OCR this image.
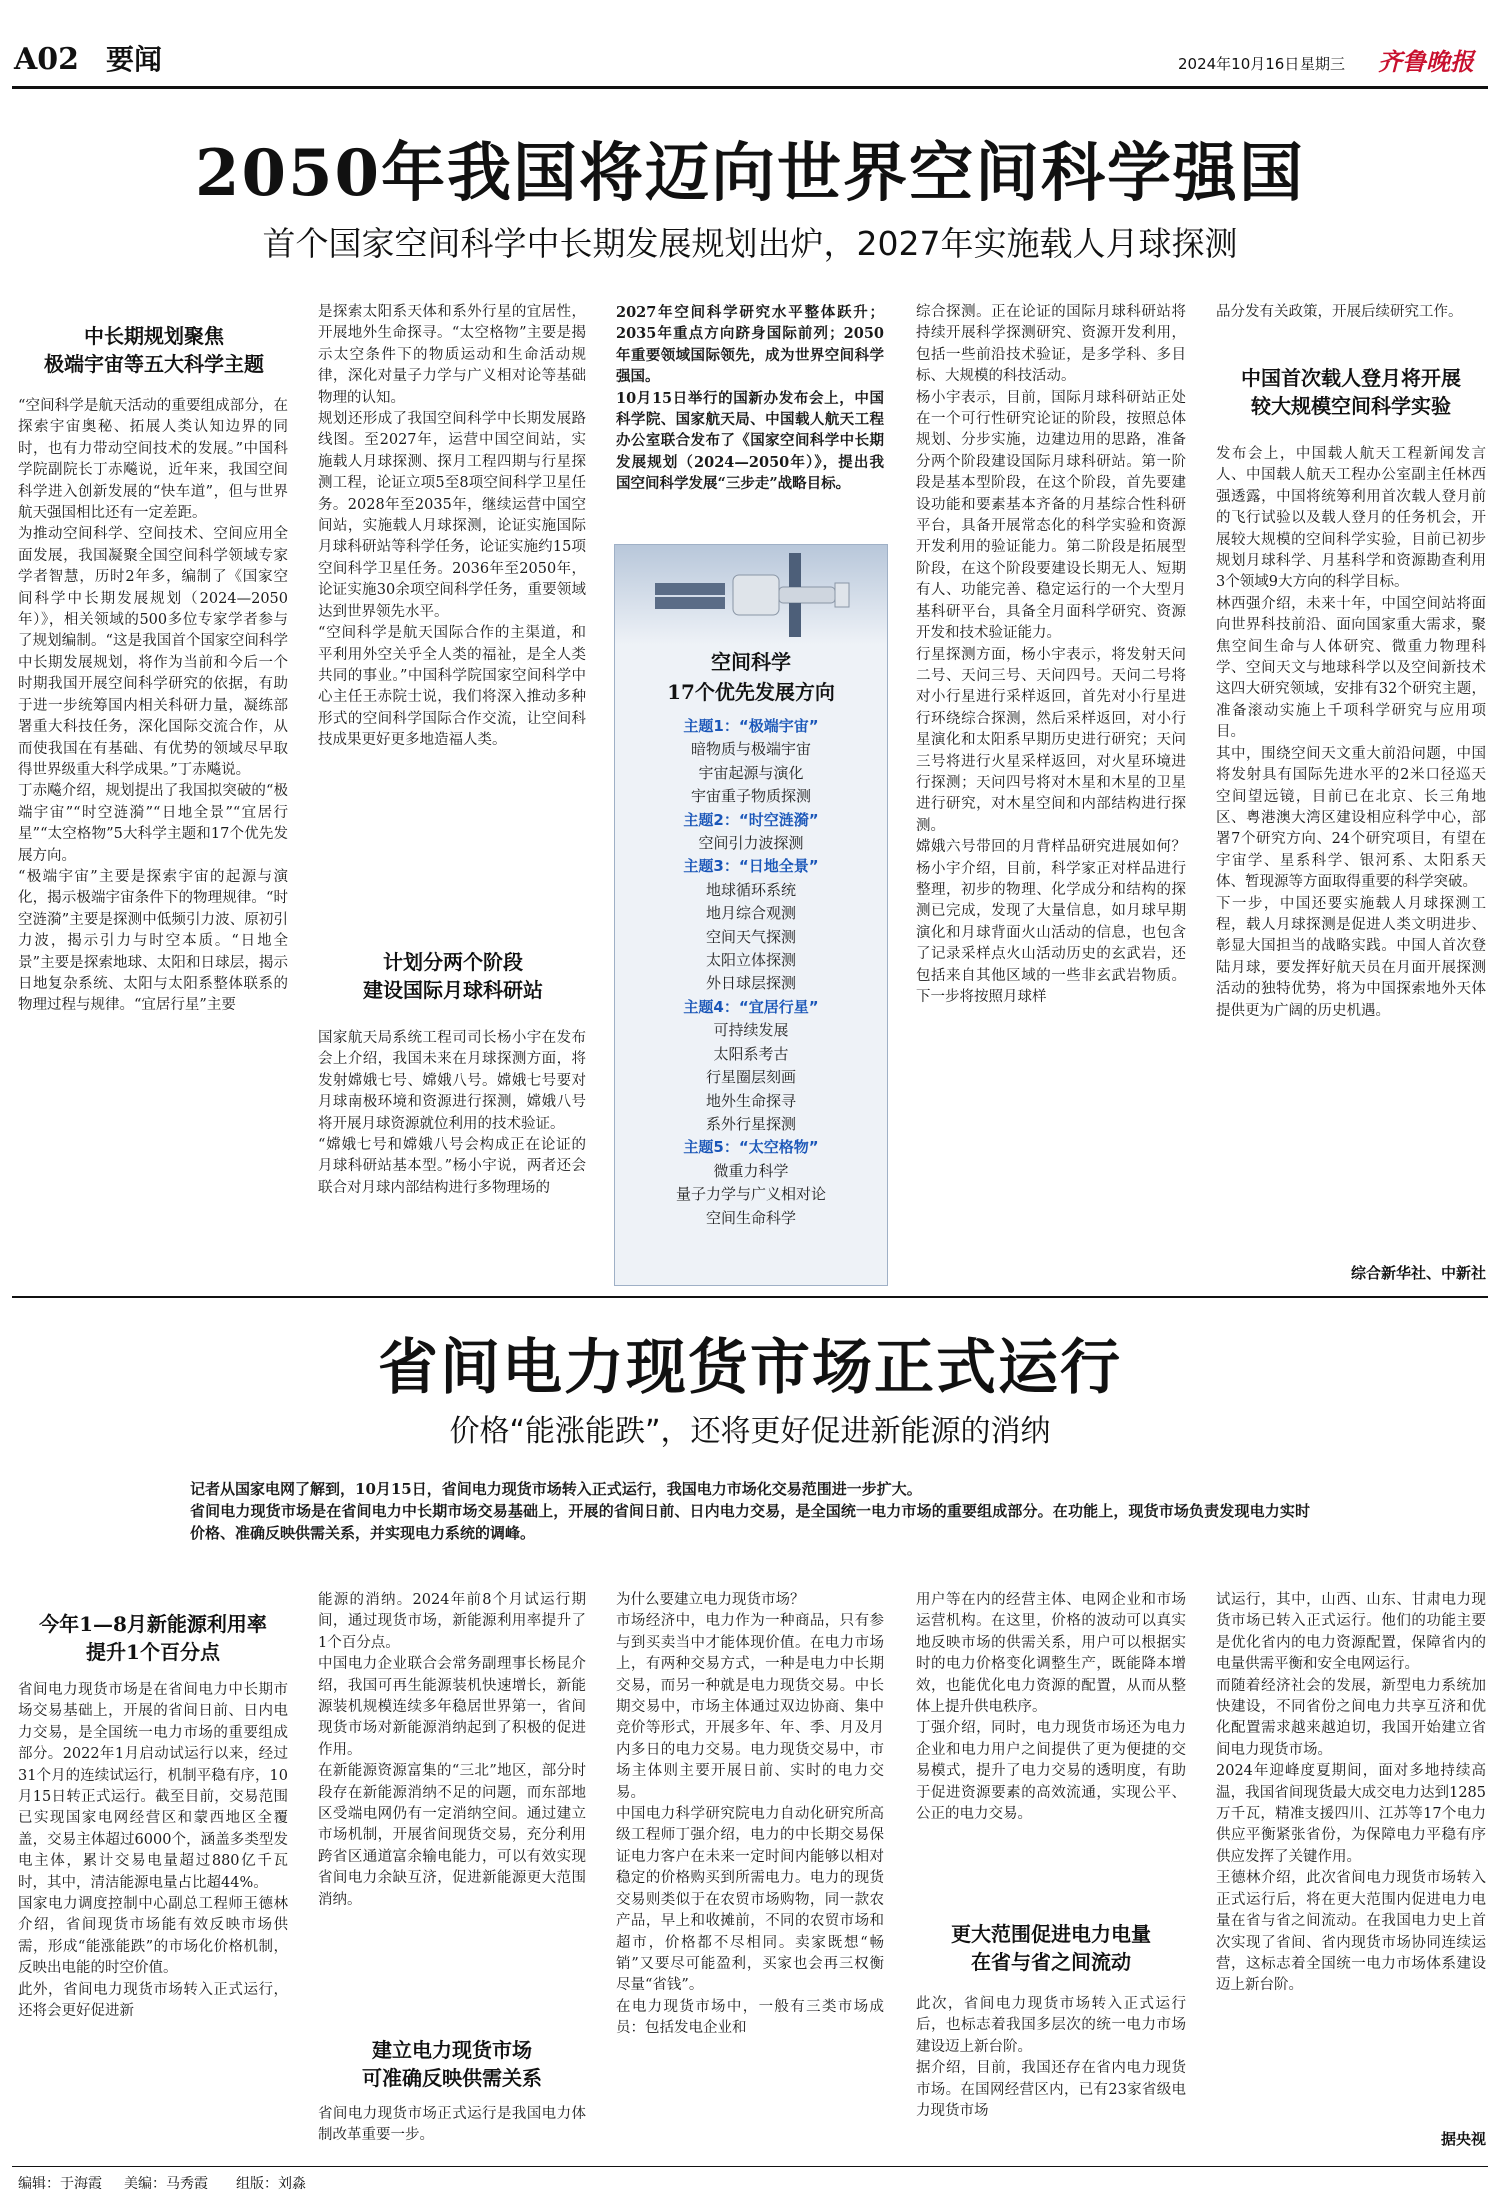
A02 要闻	2024年10月16日 星期三 齐鲁晚报
2050年我国将迈向世界空间科学强国
首个国家空间科学中长期发展规划出炉，2027年实施载人月球探测
中长期规划聚焦
极端宇宙等五大科学主题
“空间科学是航天活动的重要组成部分，在探索宇宙奥秘、拓展人类认知边界的同时，也有力带动空间技术的发展。”中国科学院副院长丁赤飚说，近年来，我国空间科学进入创新发展的“快车道”，但与世界航天强国相比还有一定差距。
为推动空间科学、空间技术、空间应用全面发展，我国凝聚全国空间科学领域专家学者智慧，历时2年多，编制了《国家空间科学中长期发展规划（2024—2050年）》，相关领域的500多位专家学者参与了规划编制。“这是我国首个国家空间科学中长期发展规划，将作为当前和今后一个时期我国开展空间科学研究的依据，有助于进一步统筹国内相关科研力量，凝练部署重大科技任务，深化国际交流合作，从而使我国在有基础、有优势的领域尽早取得世界级重大科学成果。”丁赤飚说。
丁赤飚介绍，规划提出了我国拟突破的“极端宇宙”“时空涟漪”“日地全景”“宜居行星”“太空格物”5大科学主题和17个优先发展方向。
“极端宇宙”主要是探索宇宙的起源与演化，揭示极端宇宙条件下的物理规律。“时空涟漪”主要是探测中低频引力波、原初引力波，揭示引力与时空本质。“日地全景”主要是探索地球、太阳和日球层，揭示日地复杂系统、太阳与太阳系整体联系的物理过程与规律。“宜居行星”主要
是探索太阳系天体和系外行星的宜居性，开展地外生命探寻。“太空格物”主要是揭示太空条件下的物质运动和生命活动规律，深化对量子力学与广义相对论等基础物理的认知。
规划还形成了我国空间科学中长期发展路线图。至2027年，运营中国空间站，实施载人月球探测、探月工程四期与行星探测工程，论证立项5至8项空间科学卫星任务。2028年至2035年，继续运营中国空间站，实施载人月球探测，论证实施国际月球科研站等科学任务，论证实施约15项空间科学卫星任务。2036年至2050年，论证实施30余项空间科学任务，重要领域达到世界领先水平。
“空间科学是航天国际合作的主渠道，和平利用外空关乎全人类的福祉，是全人类共同的事业。”中国科学院国家空间科学中心主任王赤院士说，我们将深入推动多种形式的空间科学国际合作交流，让空间科技成果更好更多地造福人类。
计划分两个阶段
建设国际月球科研站
国家航天局系统工程司司长杨小宇在发布会上介绍，我国未来在月球探测方面，将发射嫦娥七号、嫦娥八号。嫦娥七号要对月球南极环境和资源进行探测，嫦娥八号将开展月球资源就位利用的技术验证。
“嫦娥七号和嫦娥八号会构成正在论证的月球科研站基本型。”杨小宇说，两者还会联合对月球内部结构进行多物理场的
2027年空间科学研究水平整体跃升；2035年重点方向跻身国际前列；2050年重要领域国际领先，成为世界空间科学强国。
10月15日举行的国新办发布会上，中国科学院、国家航天局、中国载人航天工程办公室联合发布了《国家空间科学中长期发展规划（2024—2050年）》，提出我国空间科学发展“三步走”战略目标。
空间科学
17个优先发展方向
主题1：“极端宇宙”
暗物质与极端宇宙
宇宙起源与演化
宇宙重子物质探测
主题2：“时空涟漪”
空间引力波探测
主题3：“日地全景”
地球循环系统
地月综合观测
空间天气探测
太阳立体探测
外日球层探测
主题4：“宜居行星”
可持续发展
太阳系考古
行星圈层刻画
地外生命探寻
系外行星探测
主题5：“太空格物”
微重力科学
量子力学与广义相对论
空间生命科学
综合探测。正在论证的国际月球科研站将持续开展科学探测研究、资源开发利用，包括一些前沿技术验证，是多学科、多目标、大规模的科技活动。
杨小宇表示，目前，国际月球科研站正处在一个可行性研究论证的阶段，按照总体规划、分步实施，边建边用的思路，准备分两个阶段建设国际月球科研站。第一阶段是基本型阶段，在这个阶段，首先要建设功能和要素基本齐备的月基综合性科研平台，具备开展常态化的科学实验和资源开发利用的验证能力。第二阶段是拓展型阶段，在这个阶段要建设长期无人、短期有人、功能完善、稳定运行的一个大型月基科研平台，具备全月面科学研究、资源开发和技术验证能力。
行星探测方面，杨小宇表示，将发射天问二号、天问三号、天问四号。天问二号将对小行星进行采样返回，首先对小行星进行环绕综合探测，然后采样返回，对小行星演化和太阳系早期历史进行研究；天问三号将进行火星采样返回，对火星环境进行探测；天问四号将对木星和木星的卫星进行研究，对木星空间和内部结构进行探测。
嫦娥六号带回的月背样品研究进展如何？杨小宇介绍，目前，科学家正对样品进行整理，初步的物理、化学成分和结构的探测已完成，发现了大量信息，如月球早期演化和月球背面火山活动的信息，也包含了记录采样点火山活动历史的玄武岩，还包括来自其他区域的一些非玄武岩物质。下一步将按照月球样
品分发有关政策，开展后续研究工作。
中国首次载人登月将开展
较大规模空间科学实验
发布会上，中国载人航天工程新闻发言人、中国载人航天工程办公室副主任林西强透露，中国将统筹利用首次载人登月前的飞行试验以及载人登月的任务机会，开展较大规模的空间科学实验，目前已初步规划月球科学、月基科学和资源勘查利用3个领域9大方向的科学目标。
林西强介绍，未来十年，中国空间站将面向世界科技前沿、面向国家重大需求，聚焦空间生命与人体研究、微重力物理科学、空间天文与地球科学以及空间新技术这四大研究领域，安排有32个研究主题，准备滚动实施上千项科学研究与应用项目。
其中，围绕空间天文重大前沿问题，中国将发射具有国际先进水平的2米口径巡天空间望远镜，目前已在北京、长三角地区、粤港澳大湾区建设相应科学中心，部署7个研究方向、24个研究项目，有望在宇宙学、星系科学、银河系、太阳系天体、暂现源等方面取得重要的科学突破。
下一步，中国还要实施载人月球探测工程，载人月球探测是促进人类文明进步、彰显大国担当的战略实践。中国人首次登陆月球，要发挥好航天员在月面开展探测活动的独特优势，将为中国探索地外天体提供更为广阔的历史机遇。
综合新华社、中新社
省间电力现货市场正式运行
价格“能涨能跌”，还将更好促进新能源的消纳
记者从国家电网了解到，10月15日，省间电力现货市场转入正式运行，我国电力市场化交易范围进一步扩大。
省间电力现货市场是在省间电力中长期市场交易基础上，开展的省间日前、日内电力交易，是全国统一电力市场的重要组成部分。在功能上，现货市场负责发现电力实时价格、准确反映供需关系，并实现电力系统的调峰。
今年1—8月新能源利用率
提升1个百分点
省间电力现货市场是在省间电力中长期市场交易基础上，开展的省间日前、日内电力交易，是全国统一电力市场的重要组成部分。2022年1月启动试运行以来，经过31个月的连续试运行，机制平稳有序，10月15日转正式运行。截至目前，交易范围已实现国家电网经营区和蒙西地区全覆盖，交易主体超过6000个，涵盖多类型发电主体，累计交易电量超过880亿千瓦时，其中，清洁能源电量占比超44%。
国家电力调度控制中心副总工程师王德林介绍，省间现货市场能有效反映市场供需，形成“能涨能跌”的市场化价格机制，反映出电能的时空价值。
此外，省间电力现货市场转入正式运行，还将会更好促进新
能源的消纳。2024年前8个月试运行期间，通过现货市场，新能源利用率提升了1个百分点。
中国电力企业联合会常务副理事长杨昆介绍，我国可再生能源装机快速增长，新能源装机规模连续多年稳居世界第一，省间现货市场对新能源消纳起到了积极的促进作用。
在新能源资源富集的“三北”地区，部分时段存在新能源消纳不足的问题，而东部地区受端电网仍有一定消纳空间。通过建立市场机制，开展省间现货交易，充分利用跨省区通道富余输电能力，可以有效实现省间电力余缺互济，促进新能源更大范围消纳。
建立电力现货市场
可准确反映供需关系
省间电力现货市场正式运行是我国电力体制改革重要一步。
为什么要建立电力现货市场？
市场经济中，电力作为一种商品，只有参与到买卖当中才能体现价值。在电力市场上，有两种交易方式，一种是电力中长期交易，而另一种就是电力现货交易。中长期交易中，市场主体通过双边协商、集中竞价等形式，开展多年、年、季、月及月内多日的电力交易。电力现货交易中，市场主体则主要开展日前、实时的电力交易。
中国电力科学研究院电力自动化研究所高级工程师丁强介绍，电力的中长期交易保证电力客户在未来一定时间内能够以相对稳定的价格购买到所需电力。电力的现货交易则类似于在农贸市场购物，同一款农产品，早上和收摊前，不同的农贸市场和超市，价格都不尽相同。卖家既想“畅销”又要尽可能盈利，买家也会再三权衡尽量“省钱”。
在电力现货市场中，一般有三类市场成员：包括发电企业和
用户等在内的经营主体、电网企业和市场运营机构。在这里，价格的波动可以真实地反映市场的供需关系，用户可以根据实时的电力价格变化调整生产，既能降本增效，也能优化电力资源的配置，从而从整体上提升供电秩序。
丁强介绍，同时，电力现货市场还为电力企业和电力用户之间提供了更为便捷的交易模式，提升了电力交易的透明度，有助于促进资源要素的高效流通，实现公平、公正的电力交易。
更大范围促进电力电量
在省与省之间流动
此次，省间电力现货市场转入正式运行后，也标志着我国多层次的统一电力市场建设迈上新台阶。
据介绍，目前，我国还存在省内电力现货市场。在国网经营区内，已有23家省级电力现货市场
试运行，其中，山西、山东、甘肃电力现货市场已转入正式运行。他们的功能主要是优化省内的电力资源配置，保障省内的电量供需平衡和安全电网运行。
而随着经济社会的发展，新型电力系统加快建设，不同省份之间电力共享互济和优化配置需求越来越迫切，我国开始建立省间电力现货市场。
2024年迎峰度夏期间，面对多地持续高温，我国省间现货最大成交电力达到1285万千瓦，精准支援四川、江苏等17个电力供应平衡紧张省份，为保障电力平稳有序供应发挥了关键作用。
王德林介绍，此次省间电力现货市场转入正式运行后，将在更大范围内促进电力电量在省与省之间流动。在我国电力史上首次实现了省间、省内现货市场协同连续运营，这标志着全国统一电力市场体系建设迈上新台阶。
据央视
编辑：于海霞 美编：马秀霞 组版：刘淼
